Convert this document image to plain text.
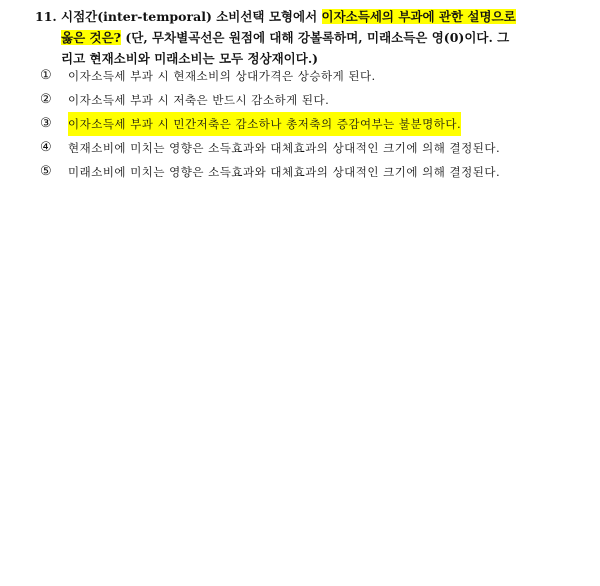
11. 시점간(inter-temporal) 소비선택 모형에서 이자소득세의 부과에 관한 설명으로
옳은 것은? (단, 무차별곡선은 원점에 대해 강볼록하며, 미래소득은 영(0)이다. 그
리고 현재소비와 미래소비는 모두 정상재이다.)
①	이자소득세 부과 시 현재소비의 상대가격은 상승하게 된다.
②	이자소득세 부과 시 저축은 반드시 감소하게 된다.
③	이자소득세 부과 시 민간저축은 감소하나 총저축의 증감여부는 불분명하다.
④	현재소비에 미치는 영향은 소득효과와 대체효과의 상대적인 크기에 의해 결정된다.
⑤	미래소비에 미치는 영향은 소득효과와 대체효과의 상대적인 크기에 의해 결정된다.
